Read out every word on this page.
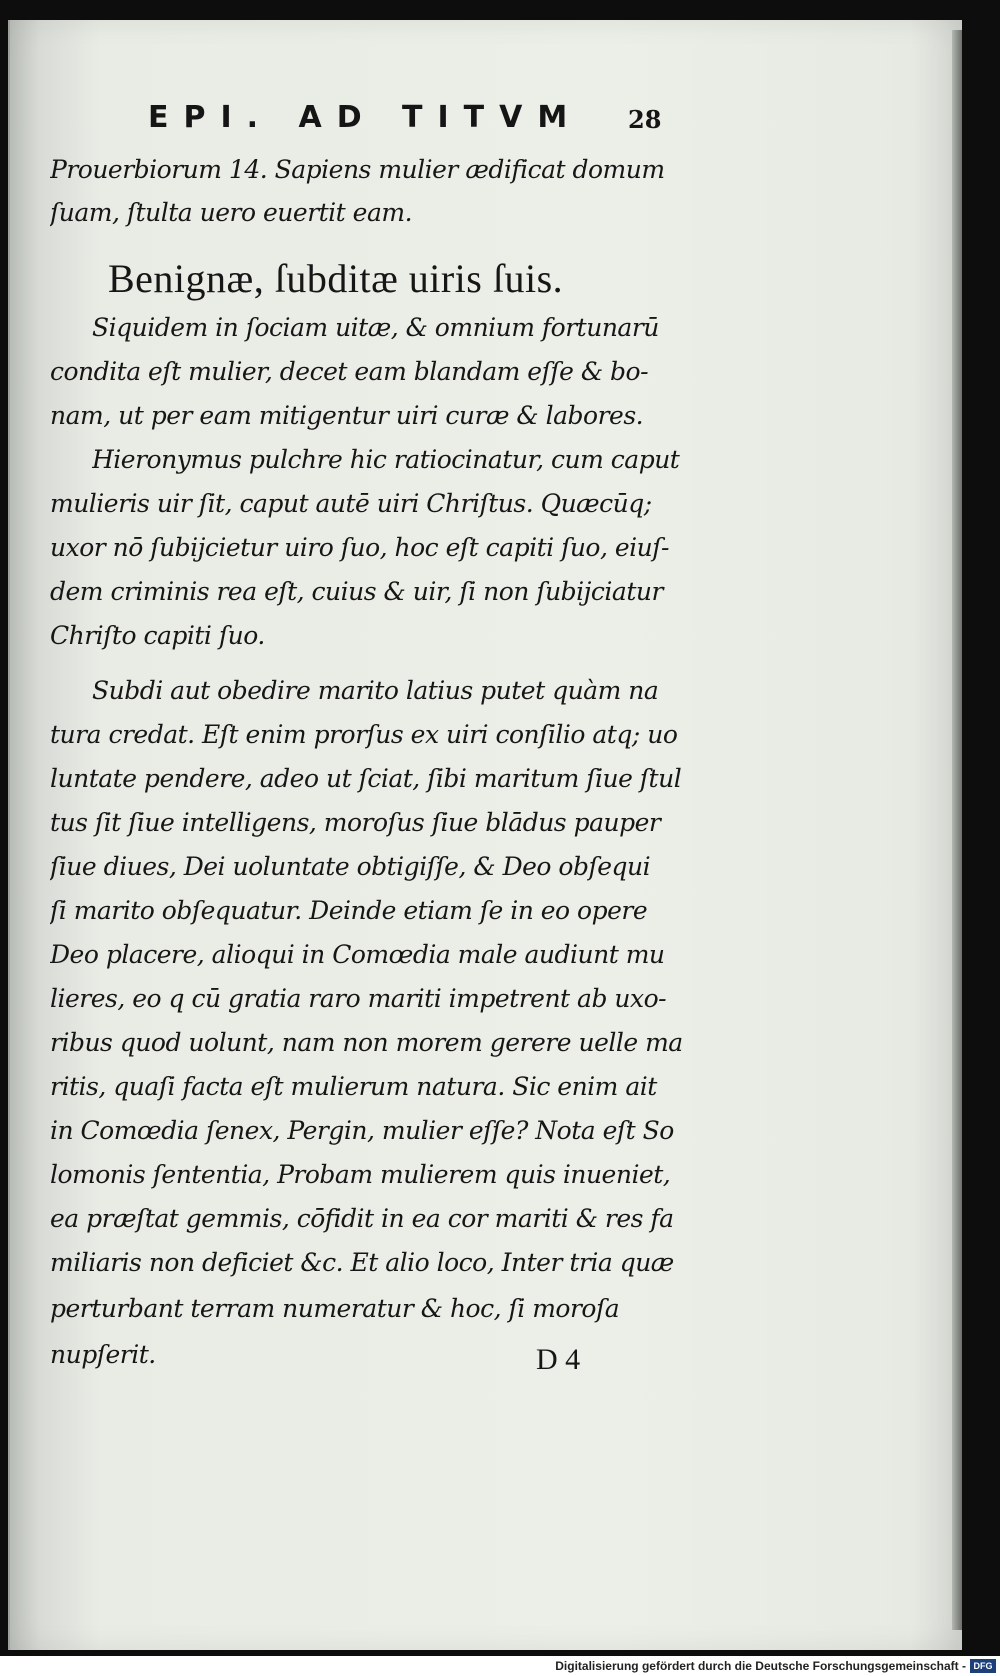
EPI. AD TITVM	28
Prouerbiorum 14. Sapiens mulier ædificat domum
ſuam, ſtulta uero euertit eam.
Benignæ, ſubditæ uiris ſuis.
Siquidem in ſociam uitæ, & omnium fortunarū
condita eſt mulier, decet eam blandam eſſe & bo-
nam, ut per eam mitigentur uiri curæ & labores.
Hieronymus pulchre hic ratiocinatur, cum caput
mulieris uir ſit, caput autē uiri Chriſtus. Quæcūq;
uxor nō ſubijcietur uiro ſuo, hoc eſt capiti ſuo, eiuſ-
dem criminis rea eſt, cuius & uir, ſi non ſubijciatur
Chriſto capiti ſuo.
Subdi aut obedire marito latius putet quàm na
tura credat. Eſt enim prorſus ex uiri conſilio atq; uo
luntate pendere, adeo ut ſciat, ſibi maritum ſiue ſtul
tus ſit ſiue intelligens, moroſus ſiue blādus pauper
ſiue diues, Dei uoluntate obtigiſſe, & Deo obſequi
ſi marito obſequatur. Deinde etiam ſe in eo opere
Deo placere, alioqui in Comœdia male audiunt mu
lieres, eo q cū gratia raro mariti impetrent ab uxo-
ribus quod uolunt, nam non morem gerere uelle ma
ritis, quaſi facta eſt mulierum natura. Sic enim ait
in Comœdia ſenex, Pergin, mulier eſſe? Nota eſt So
lomonis ſententia, Probam mulierem quis inueniet,
ea præſtat gemmis, cōfidit in ea cor mariti & res fa
miliaris non deficiet &c. Et alio loco, Inter tria quæ
perturbant terram numeratur & hoc, ſi moroſa
nupſerit.	D 4
Digitalisierung gefördert durch die Deutsche Forschungsgemeinschaft - DFG
